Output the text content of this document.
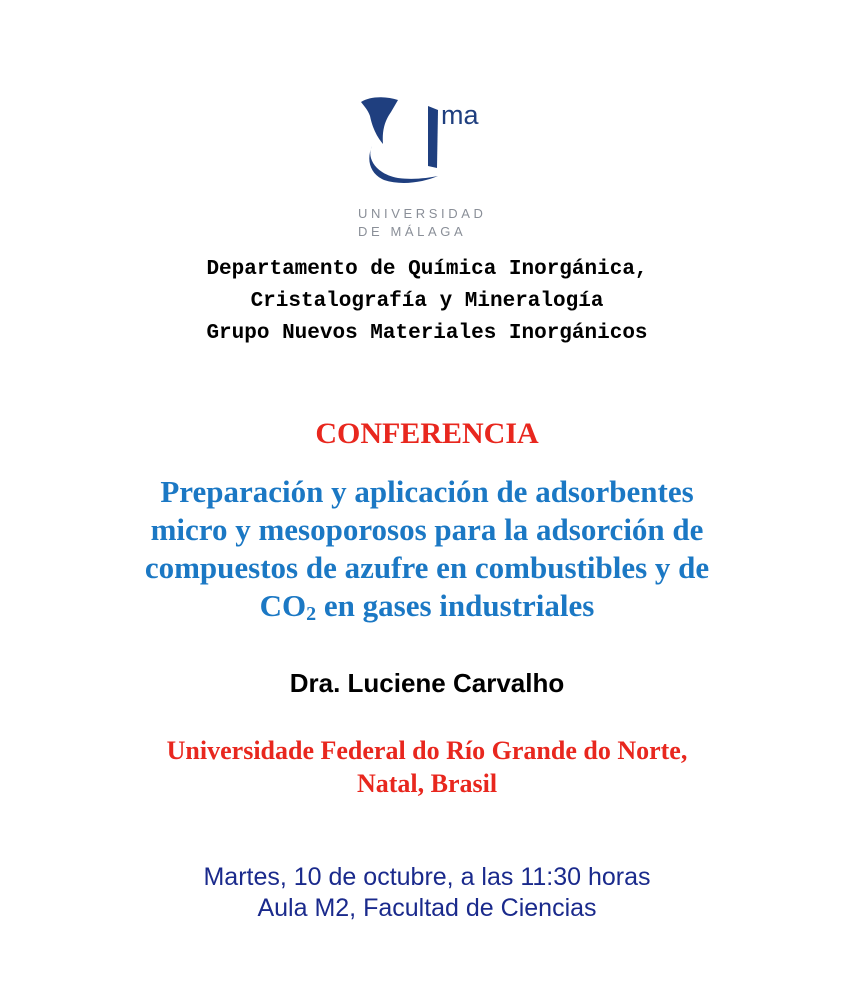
ma
UNIVERSIDAD
DE MÁLAGA
Departamento de Química Inorgánica,
Cristalografía y Mineralogía
Grupo Nuevos Materiales Inorgánicos
CONFERENCIA
Preparación y aplicación de adsorbentes
micro y mesoporosos para la adsorción de
compuestos de azufre en combustibles y de
$CO_2$ en gases industriales
Dra. Luciene Carvalho
Universidade Federal do Río Grande do Norte,
Natal, Brasil
Martes, 10 de octubre, a las 11:30 horas
Aula M2, Facultad de Ciencias
